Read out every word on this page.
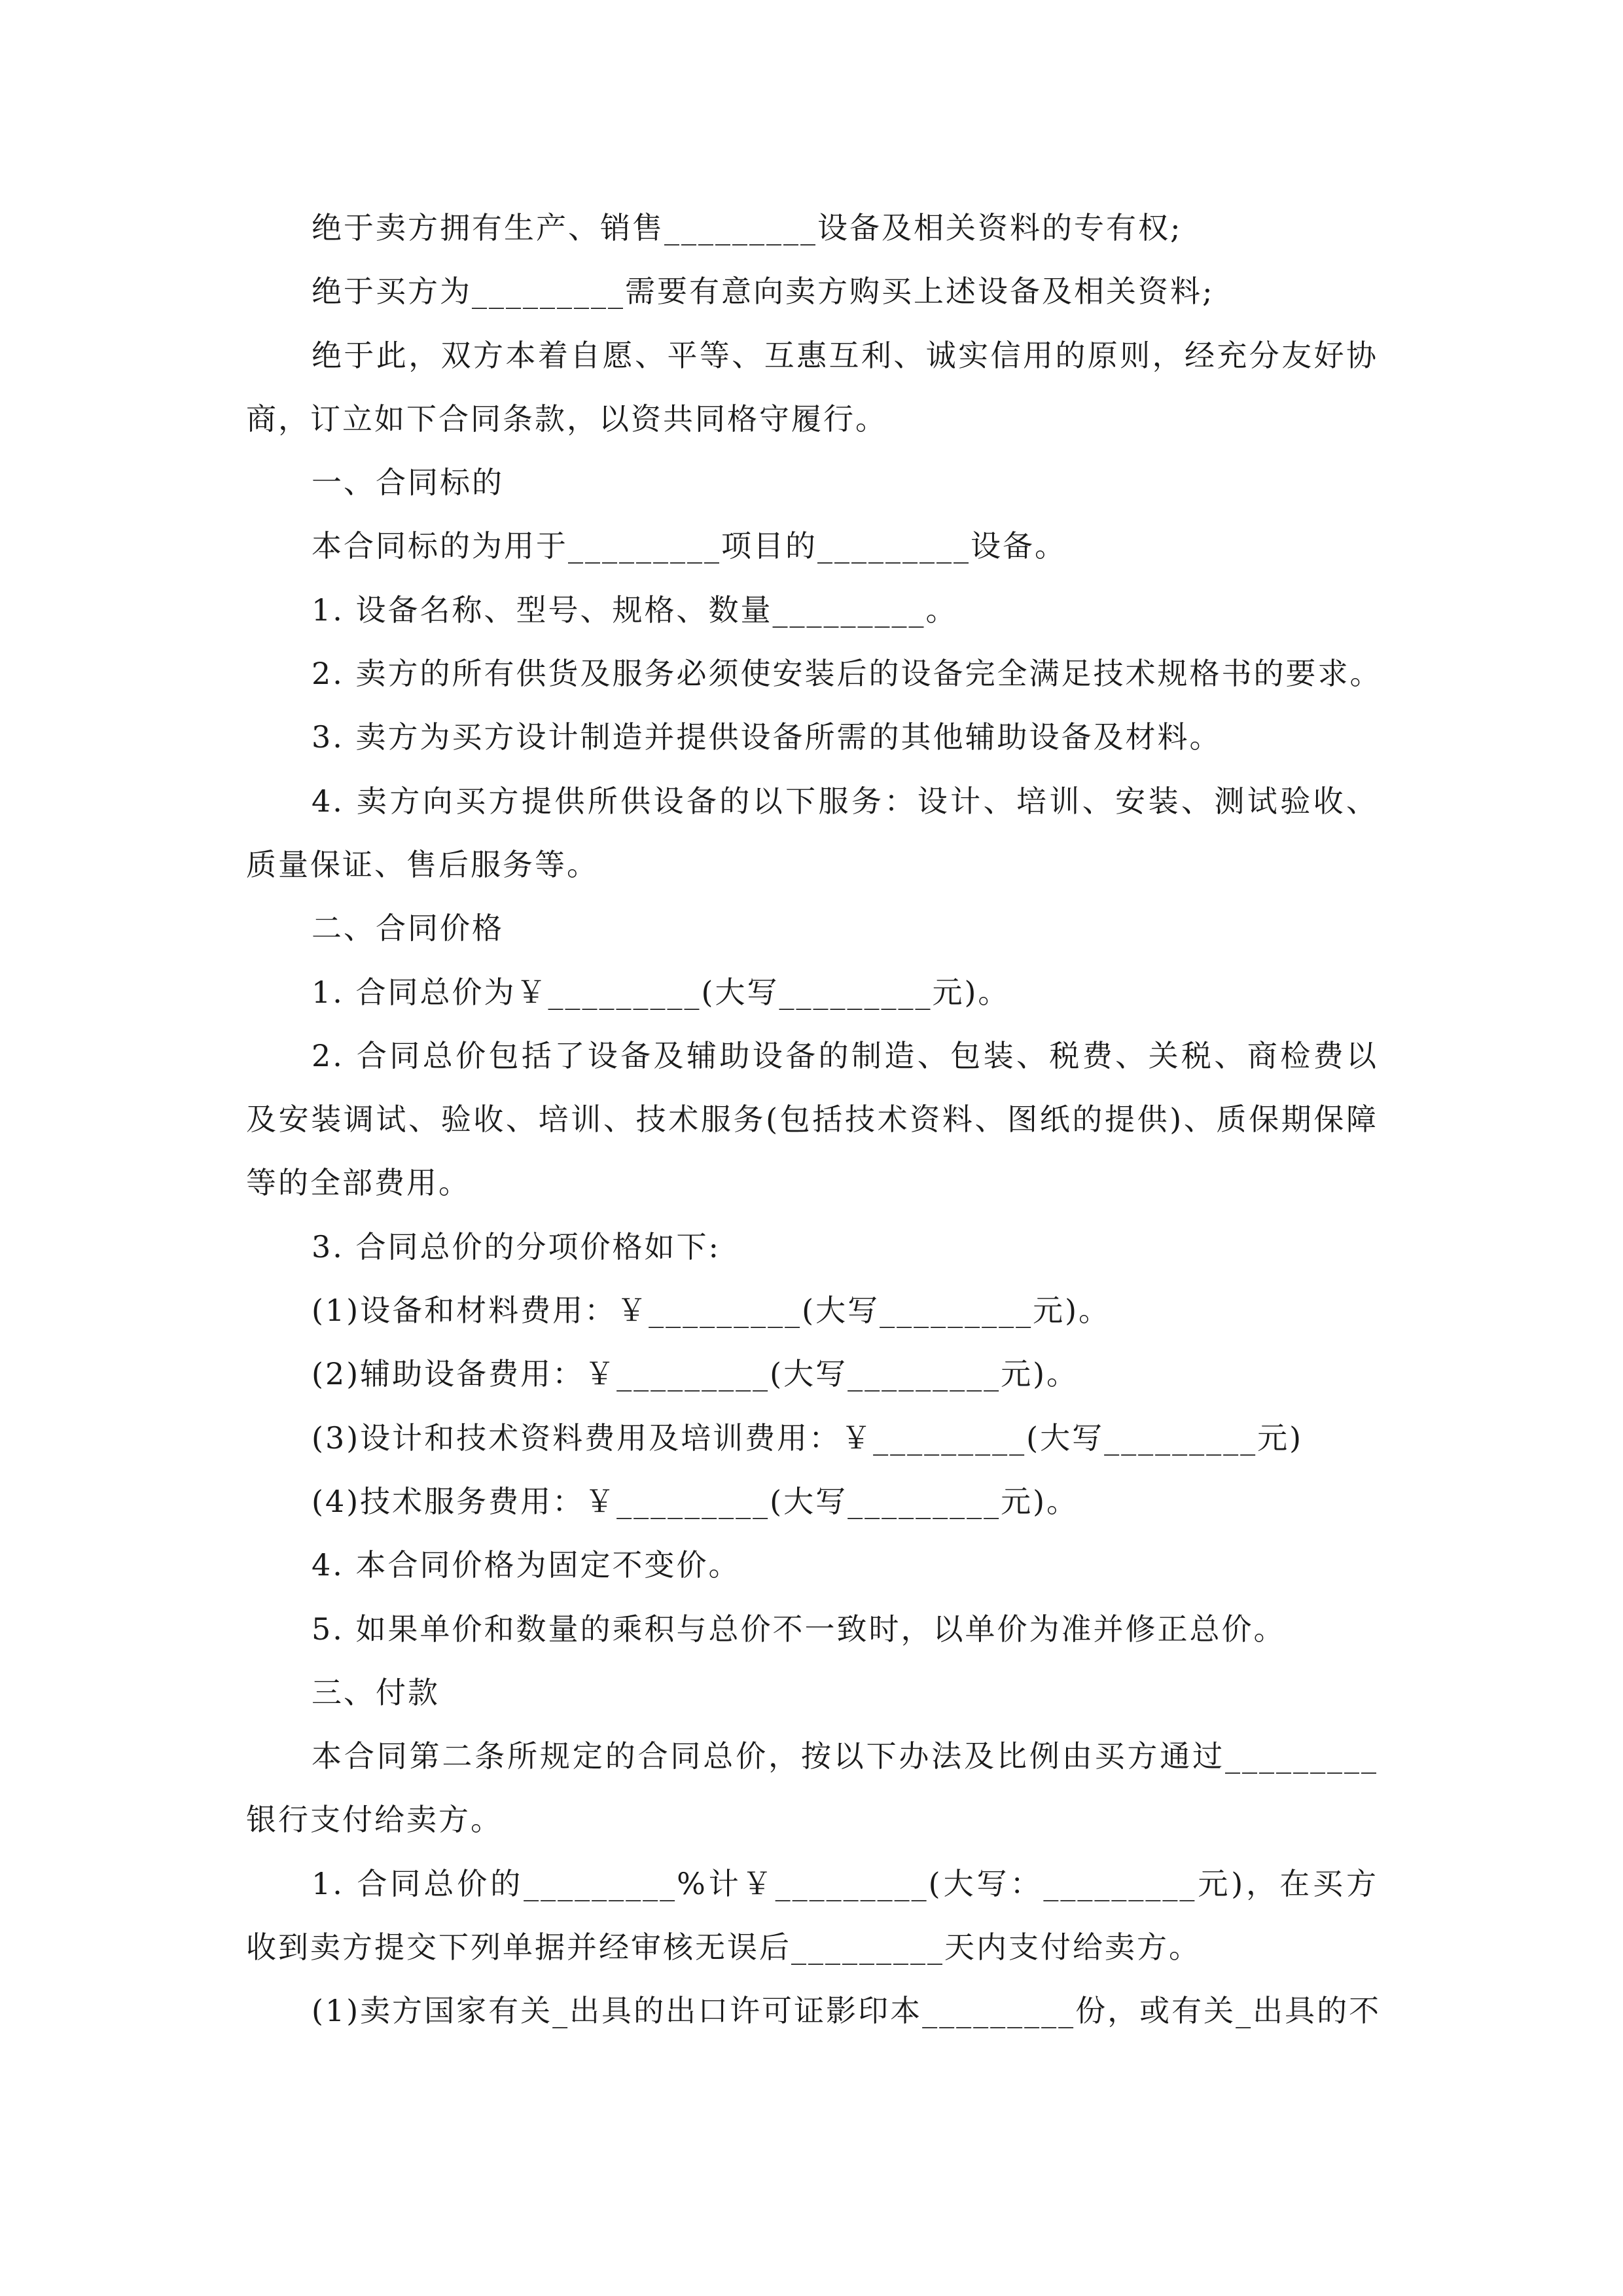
绝于卖方拥有生产、销售_________设备及相关资料的专有权;

绝于买方为_________需要有意向卖方购买上述设备及相关资料;

绝于此，双方本着自愿、平等、互惠互利、诚实信用的原则，经充分友好协商，订立如下合同条款，以资共同格守履行。

一、合同标的

本合同标的为用于_________项目的_________设备。

1. 设备名称、型号、规格、数量_________。

2. 卖方的所有供货及服务必须使安装后的设备完全满足技术规格书的要求。

3. 卖方为买方设计制造并提供设备所需的其他辅助设备及材料。

4. 卖方向买方提供所供设备的以下服务：设计、培训、安装、测试验收、质量保证、售后服务等。

二、合同价格

1. 合同总价为￥_________(大写_________元)。

2. 合同总价包括了设备及辅助设备的制造、包装、税费、关税、商检费以及安装调试、验收、培训、技术服务(包括技术资料、图纸的提供)、质保期保障等的全部费用。

3. 合同总价的分项价格如下:

(1)设备和材料费用：￥_________(大写_________元)。

(2)辅助设备费用：￥_________(大写_________元)。

(3)设计和技术资料费用及培训费用：￥_________(大写_________元)

(4)技术服务费用：￥_________(大写_________元)。

4. 本合同价格为固定不变价。

5. 如果单价和数量的乘积与总价不一致时，以单价为准并修正总价。

三、付款

本合同第二条所规定的合同总价，按以下办法及比例由买方通过_________银行支付给卖方。

1. 合同总价的_________%计￥_________(大写：_________元)，在买方收到卖方提交下列单据并经审核无误后_________天内支付给卖方。

(1)卖方国家有关_出具的出口许可证影印本_________份，或有关_出具的不
